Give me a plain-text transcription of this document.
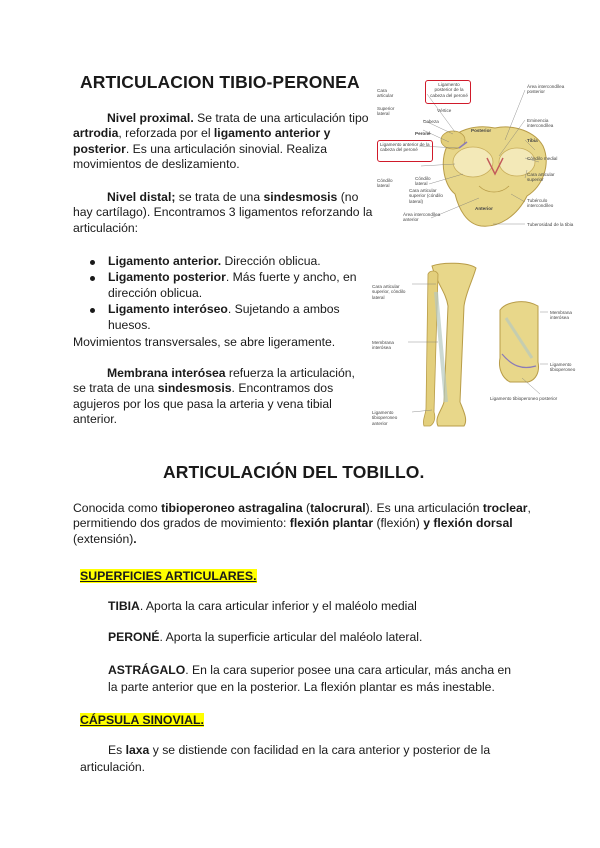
ARTICULACION TIBIO-PERONEA

Nivel proximal. Se trata de una articulación tipo artrodia, reforzada por el ligamento anterior y posterior. Es una articulación sinovial. Realiza movimientos de deslizamiento.

Nivel distal; se trata de una sindesmosis (no hay cartílago). Encontramos 3 ligamentos reforzando la articulación:

Ligamento anterior. Dirección oblicua.
Ligamento posterior. Más fuerte y ancho, en dirección oblicua.
Ligamento interóseo. Sujetando a ambos huesos.

Movimientos transversales, se abre ligeramente.

Membrana interósea refuerza la articulación, se trata de una sindesmosis. Encontramos dos agujeros por los que pasa la arteria y vena tibial anterior.

Ligamento posterior de la cabeza del peroné
Vértice
Cabeza
Peroné
Ligamento anterior de la cabeza del peroné
Cóndilo lateral
Cara articular superior (cóndilo lateral)
Área intercondílea anterior
Cara articular
Superior lateral
Cóndilo lateral
Posterior
Anterior
Área intercondílea posterior
Eminencia intercondílea
Tibia
Cóndilo medial
Cara articular superior
Tubérculo intercondíleo
Tuberosidad de la tibia
Cara articular superior, cóndilo lateral
Membrana interósea
Ligamento tibioperoneo anterior
Membrana interósea
Ligamento tibioperoneo
Ligamento tibioperoneo posterior
ARTICULACIÓN DEL TOBILLO.

Conocida como tibioperoneo astragalina (talocrural). Es una articulación troclear, permitiendo dos grados de movimiento: flexión plantar (flexión) y flexión dorsal (extensión).

SUPERFICIES ARTICULARES.

TIBIA. Aporta la cara articular inferior y el maléolo medial

PERONÉ. Aporta la superficie articular del maléolo lateral.

ASTRÁGALO. En la cara superior posee una cara articular, más ancha en la parte anterior que en la posterior. La flexión plantar es más inestable.

CÁPSULA SINOVIAL.

Es laxa y se distiende con facilidad en la cara anterior y posterior de la articulación.
